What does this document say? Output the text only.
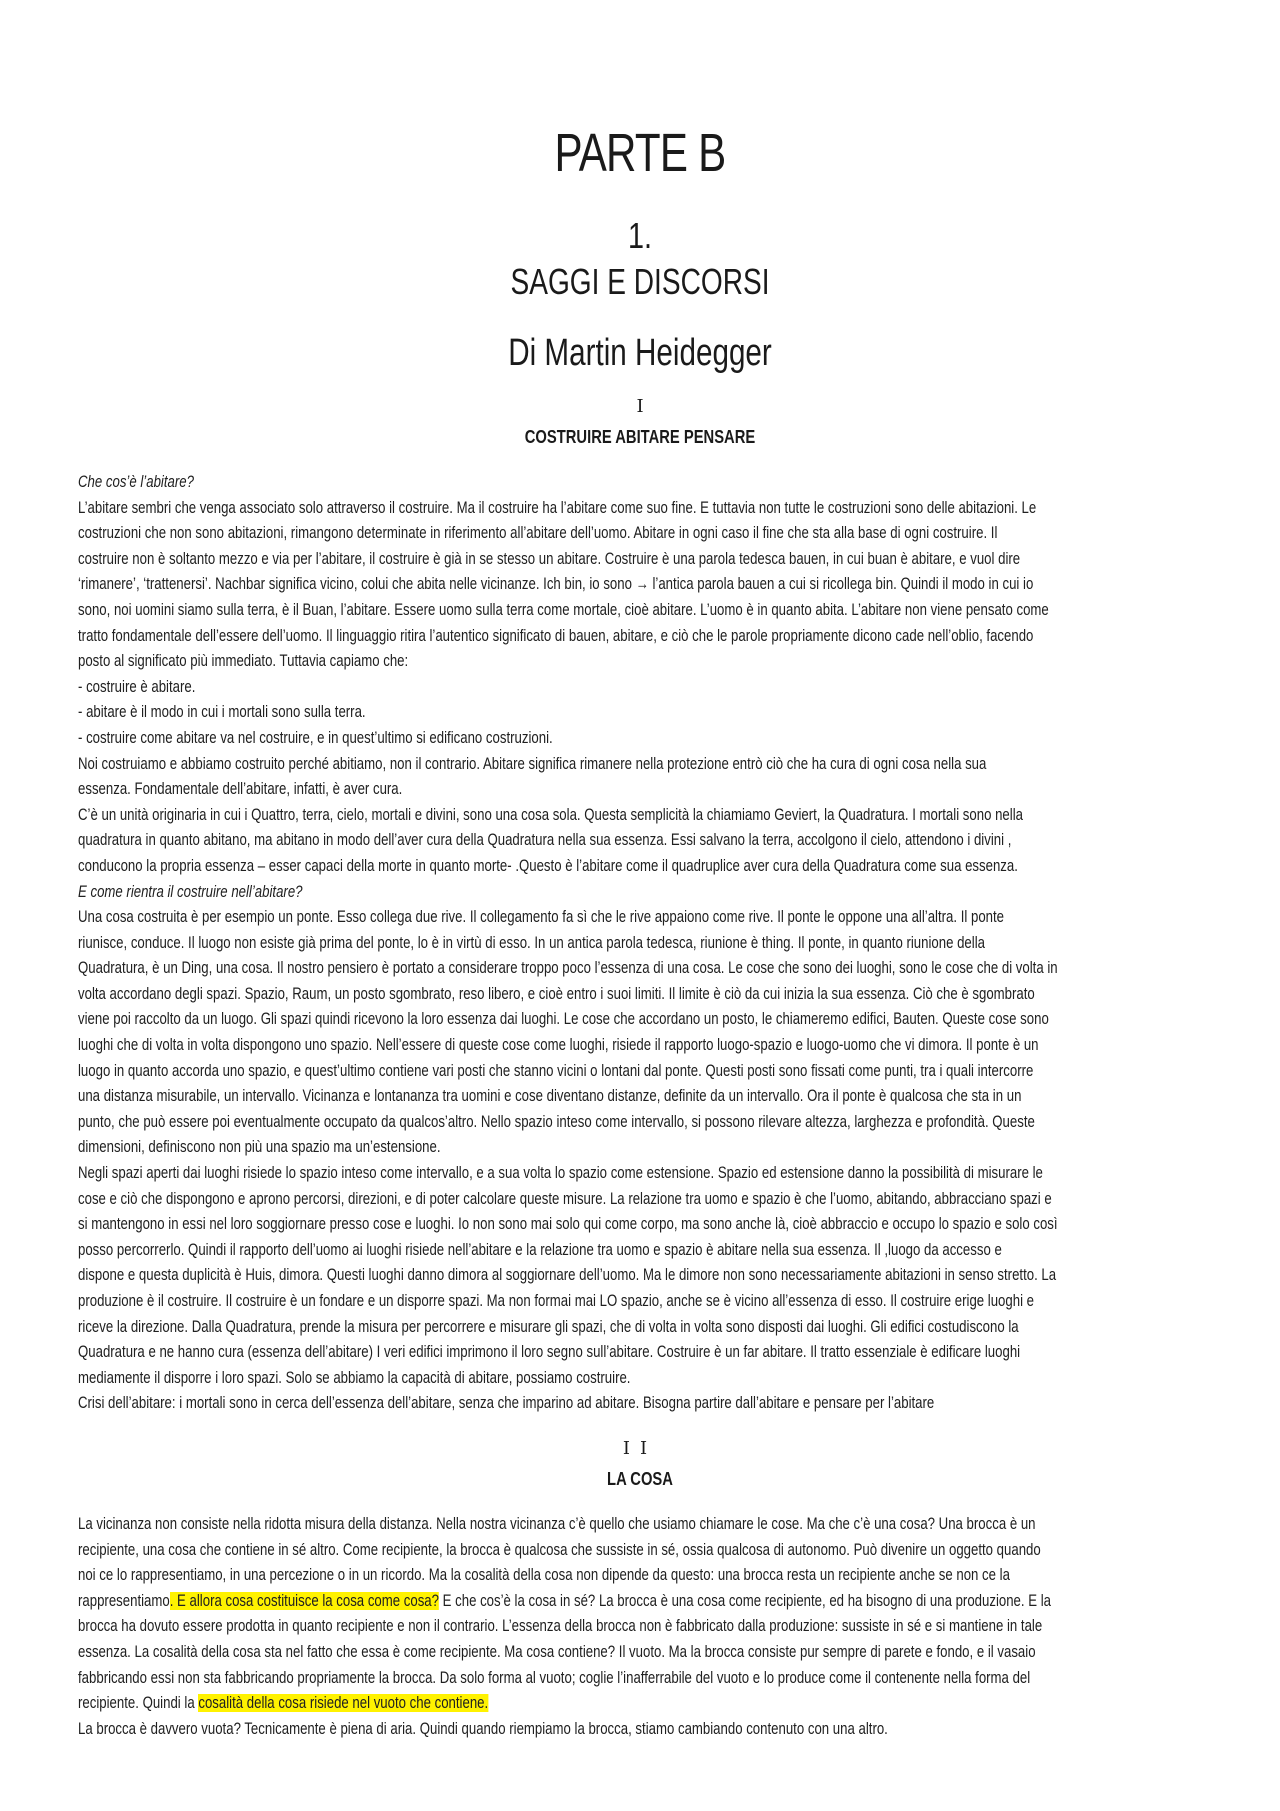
PARTE B
1.
SAGGI E DISCORSI
Di Martin Heidegger
I
COSTRUIRE ABITARE PENSARE
Che cos’è l’abitare?
L’abitare sembri che venga associato solo attraverso il costruire. Ma il costruire ha l’abitare come suo fine. E tuttavia non tutte le costruzioni sono delle abitazioni. Le
costruzioni che non sono abitazioni, rimangono determinate in riferimento all’abitare dell’uomo. Abitare in ogni caso il fine che sta alla base di ogni costruire. Il
costruire non è soltanto mezzo e via per l’abitare, il costruire è già in se stesso un abitare. Costruire è una parola tedesca bauen, in cui buan è abitare, e vuol dire
‘rimanere’, ‘trattenersi’. Nachbar significa vicino, colui che abita nelle vicinanze. Ich bin, io sono → l’antica parola bauen a cui si ricollega bin. Quindi il modo in cui io
sono, noi uomini siamo sulla terra, è il Buan, l’abitare. Essere uomo sulla terra come mortale, cioè abitare. L’uomo è in quanto abita. L’abitare non viene pensato come
tratto fondamentale dell’essere dell’uomo. Il linguaggio ritira l’autentico significato di bauen, abitare, e ciò che le parole propriamente dicono cade nell’oblio, facendo
posto al significato più immediato. Tuttavia capiamo che:
- costruire è abitare.
- abitare è il modo in cui i mortali sono sulla terra.
- costruire come abitare va nel costruire, e in quest’ultimo si edificano costruzioni.
Noi costruiamo e abbiamo costruito perché abitiamo, non il contrario. Abitare significa rimanere nella protezione entrò ciò che ha cura di ogni cosa nella sua
essenza. Fondamentale dell’abitare, infatti, è aver cura.
C’è un unità originaria in cui i Quattro, terra, cielo, mortali e divini, sono una cosa sola. Questa semplicità la chiamiamo Geviert, la Quadratura. I mortali sono nella
quadratura in quanto abitano, ma abitano in modo dell’aver cura della Quadratura nella sua essenza. Essi salvano la terra, accolgono il cielo, attendono i divini ,
conducono la propria essenza – esser capaci della morte in quanto morte- .Questo è l’abitare come il quadruplice aver cura della Quadratura come sua essenza.
E come rientra il costruire nell’abitare?
Una cosa costruita è per esempio un ponte. Esso collega due rive. Il collegamento fa sì che le rive appaiono come rive. Il ponte le oppone una all’altra. Il ponte
riunisce, conduce. Il luogo non esiste già prima del ponte, lo è in virtù di esso. In un antica parola tedesca, riunione è thing. Il ponte, in quanto riunione della
Quadratura, è un Ding, una cosa. Il nostro pensiero è portato a considerare troppo poco l’essenza di una cosa. Le cose che sono dei luoghi, sono le cose che di volta in
volta accordano degli spazi. Spazio, Raum, un posto sgombrato, reso libero, e cioè entro i suoi limiti. Il limite è ciò da cui inizia la sua essenza. Ciò che è sgombrato
viene poi raccolto da un luogo. Gli spazi quindi ricevono la loro essenza dai luoghi. Le cose che accordano un posto, le chiameremo edifici, Bauten. Queste cose sono
luoghi che di volta in volta dispongono uno spazio. Nell’essere di queste cose come luoghi, risiede il rapporto luogo-spazio e luogo-uomo che vi dimora. Il ponte è un
luogo in quanto accorda uno spazio, e quest’ultimo contiene vari posti che stanno vicini o lontani dal ponte. Questi posti sono fissati come punti, tra i quali intercorre
una distanza misurabile, un intervallo. Vicinanza e lontananza tra uomini e cose diventano distanze, definite da un intervallo. Ora il ponte è qualcosa che sta in un
punto, che può essere poi eventualmente occupato da qualcos’altro. Nello spazio inteso come intervallo, si possono rilevare altezza, larghezza e profondità. Queste
dimensioni, definiscono non più una spazio ma un’estensione.
Negli spazi aperti dai luoghi risiede lo spazio inteso come intervallo, e a sua volta lo spazio come estensione. Spazio ed estensione danno la possibilità di misurare le
cose e ciò che dispongono e aprono percorsi, direzioni, e di poter calcolare queste misure. La relazione tra uomo e spazio è che l’uomo, abitando, abbracciano spazi e
si mantengono in essi nel loro soggiornare presso cose e luoghi. Io non sono mai solo qui come corpo, ma sono anche là, cioè abbraccio e occupo lo spazio e solo così
posso percorrerlo. Quindi il rapporto dell’uomo ai luoghi risiede nell’abitare e la relazione tra uomo e spazio è abitare nella sua essenza. Il ,luogo da accesso e
dispone e questa duplicità è Huis, dimora. Questi luoghi danno dimora al soggiornare dell’uomo. Ma le dimore non sono necessariamente abitazioni in senso stretto. La
produzione è il costruire. Il costruire è un fondare e un disporre spazi. Ma non formai mai LO spazio, anche se è vicino all’essenza di esso. Il costruire erige luoghi e
riceve la direzione. Dalla Quadratura, prende la misura per percorrere e misurare gli spazi, che di volta in volta sono disposti dai luoghi. Gli edifici costudiscono la
Quadratura e ne hanno cura (essenza dell’abitare) I veri edifici imprimono il loro segno sull’abitare. Costruire è un far abitare. Il tratto essenziale è edificare luoghi
mediamente il disporre i loro spazi. Solo se abbiamo la capacità di abitare, possiamo costruire.
Crisi dell’abitare: i mortali sono in cerca dell’essenza dell’abitare, senza che imparino ad abitare. Bisogna partire dall’abitare e pensare per l’abitare
II
LA COSA
La vicinanza non consiste nella ridotta misura della distanza. Nella nostra vicinanza c’è quello che usiamo chiamare le cose. Ma che c’è una cosa? Una brocca è un
recipiente, una cosa che contiene in sé altro. Come recipiente, la brocca è qualcosa che sussiste in sé, ossia qualcosa di autonomo. Può divenire un oggetto quando
noi ce lo rappresentiamo, in una percezione o in un ricordo. Ma la cosalità della cosa non dipende da questo: una brocca resta un recipiente anche se non ce la
rappresentiamo. E allora cosa costituisce la cosa come cosa? E che cos’è la cosa in sé? La brocca è una cosa come recipiente, ed ha bisogno di una produzione. E la
brocca ha dovuto essere prodotta in quanto recipiente e non il contrario. L’essenza della brocca non è fabbricato dalla produzione: sussiste in sé e si mantiene in tale
essenza. La cosalità della cosa sta nel fatto che essa è come recipiente. Ma cosa contiene? Il vuoto. Ma la brocca consiste pur sempre di parete e fondo, e il vasaio
fabbricando essi non sta fabbricando propriamente la brocca. Da solo forma al vuoto; coglie l’inafferrabile del vuoto e lo produce come il contenente nella forma del
recipiente. Quindi la cosalità della cosa risiede nel vuoto che contiene.
La brocca è davvero vuota? Tecnicamente è piena di aria. Quindi quando riempiamo la brocca, stiamo cambiando contenuto con una altro.
